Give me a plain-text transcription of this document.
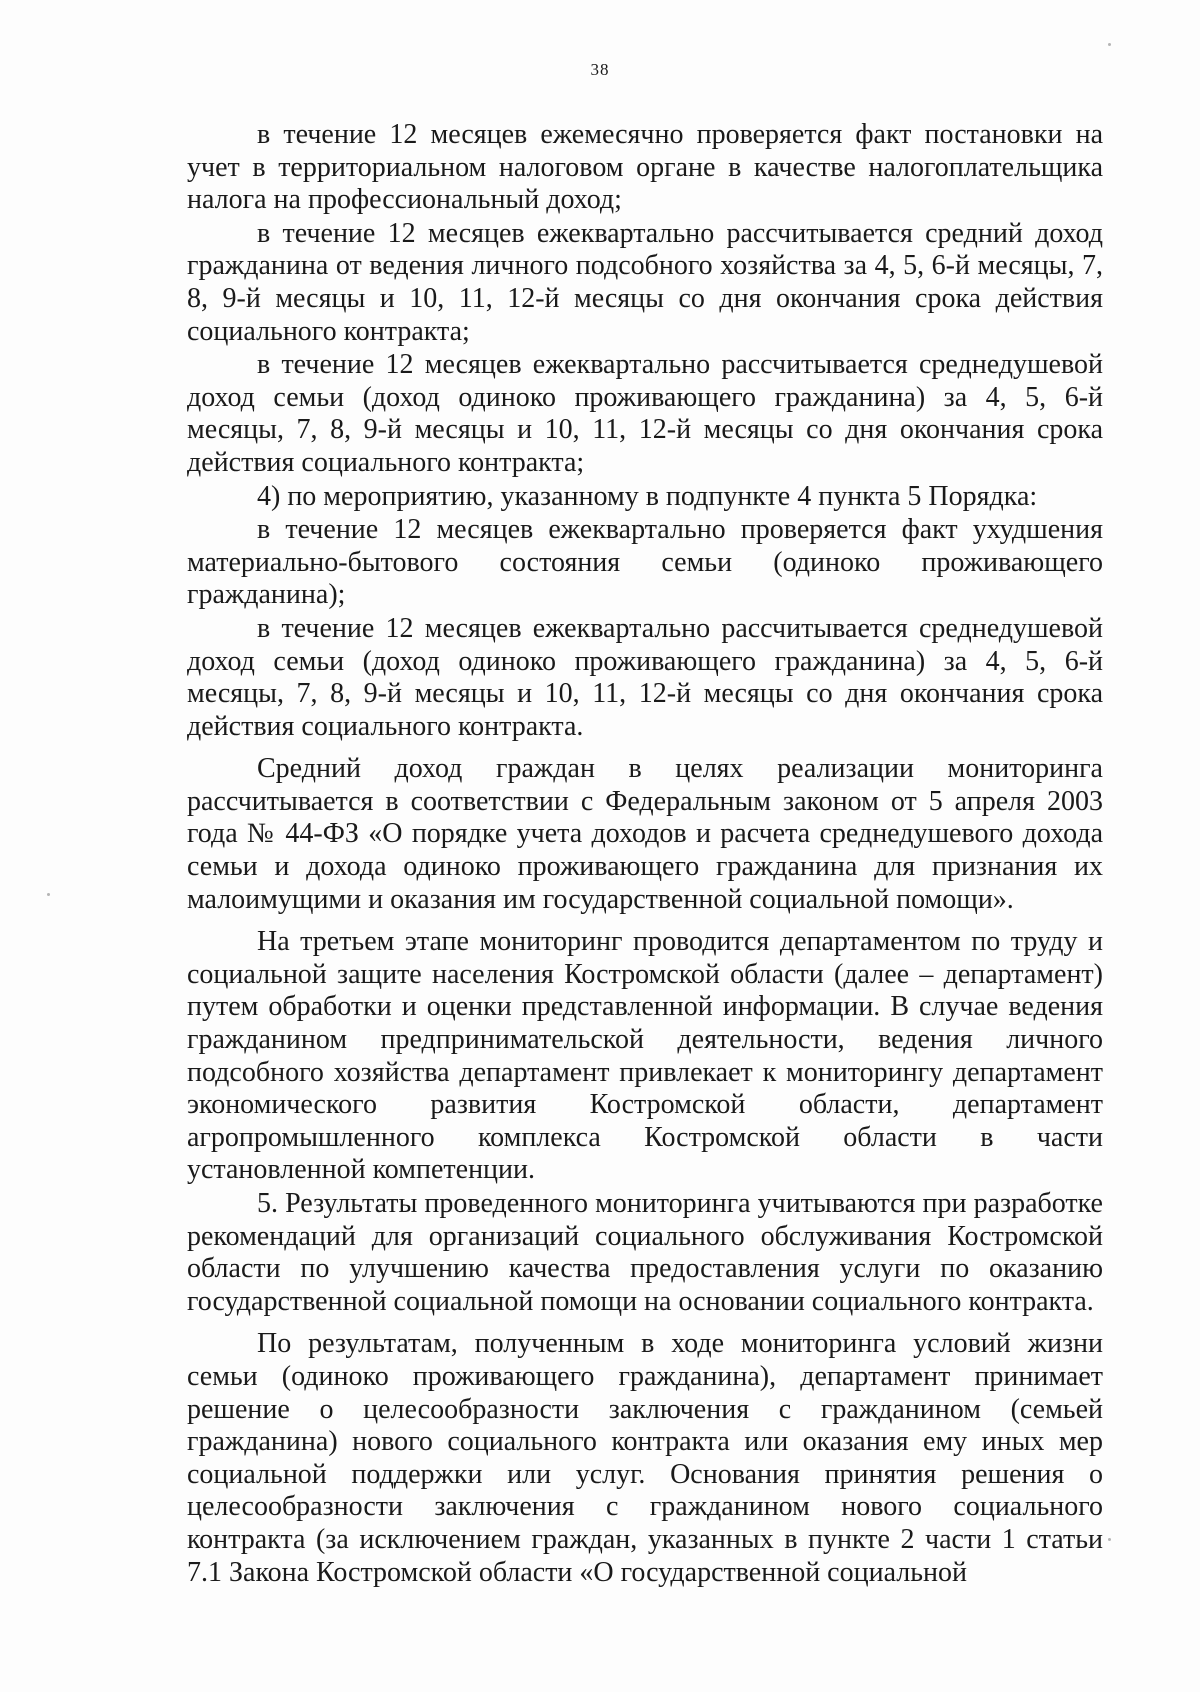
38

в течение 12 месяцев ежемесячно проверяется факт постановки на учет в территориальном налоговом органе в качестве налогоплательщика налога на профессиональный доход;

в течение 12 месяцев ежеквартально рассчитывается средний доход гражданина от ведения личного подсобного хозяйства за 4, 5, 6-й месяцы, 7, 8, 9-й месяцы и 10, 11, 12-й месяцы со дня окончания срока действия социального контракта;

в течение 12 месяцев ежеквартально рассчитывается среднедушевой доход семьи (доход одиноко проживающего гражданина) за 4, 5, 6-й месяцы, 7, 8, 9-й месяцы и 10, 11, 12-й месяцы со дня окончания срока действия социального контракта;

4) по мероприятию, указанному в подпункте 4 пункта 5 Порядка:

в течение 12 месяцев ежеквартально проверяется факт ухудшения материально-бытового состояния семьи (одиноко проживающего гражданина);

в течение 12 месяцев ежеквартально рассчитывается среднедушевой доход семьи (доход одиноко проживающего гражданина) за 4, 5, 6-й месяцы, 7, 8, 9-й месяцы и 10, 11, 12-й месяцы со дня окончания срока действия социального контракта.

Средний доход граждан в целях реализации мониторинга рассчитывается в соответствии с Федеральным законом от 5 апреля 2003 года № 44-ФЗ «О порядке учета доходов и расчета среднедушевого дохода семьи и дохода одиноко проживающего гражданина для признания их малоимущими и оказания им государственной социальной помощи».

На третьем этапе мониторинг проводится департаментом по труду и социальной защите населения Костромской области (далее – департамент) путем обработки и оценки представленной информации. В случае ведения гражданином предпринимательской деятельности, ведения личного подсобного хозяйства департамент привлекает к мониторингу департамент экономического развития Костромской области, департамент агропромышленного комплекса Костромской области в части установленной компетенции.

5. Результаты проведенного мониторинга учитываются при разработке рекомендаций для организаций социального обслуживания Костромской области по улучшению качества предоставления услуги по оказанию государственной социальной помощи на основании социального контракта.

По результатам, полученным в ходе мониторинга условий жизни семьи (одиноко проживающего гражданина), департамент принимает решение о целесообразности заключения с гражданином (семьей гражданина) нового социального контракта или оказания ему иных мер социальной поддержки или услуг. Основания принятия решения о целесообразности заключения с гражданином нового социального контракта (за исключением граждан, указанных в пункте 2 части 1 статьи 7.1 Закона Костромской области «О государственной социальной
